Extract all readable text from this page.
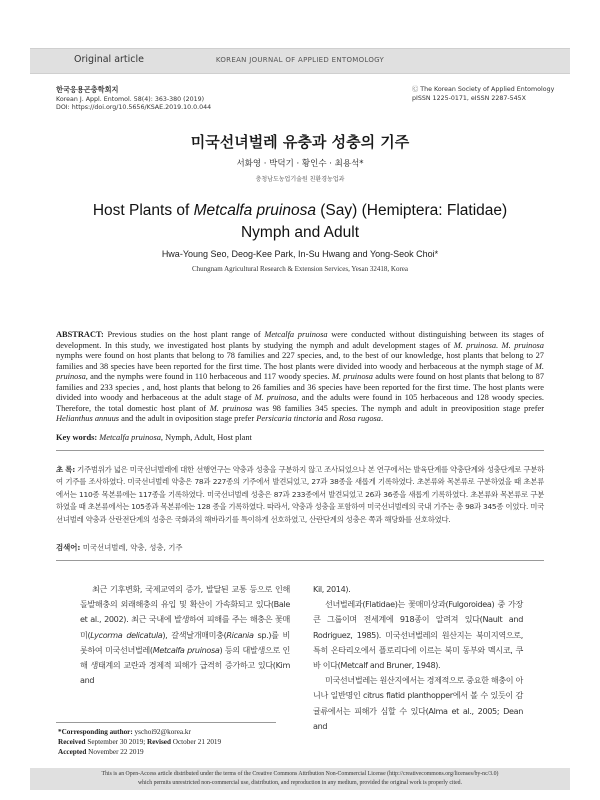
Original article	KOREAN JOURNAL OF APPLIED ENTOMOLOGY
한국응용곤충학회지
Korean J. Appl. Entomol. 58(4): 363-380 (2019)
DOI: https://doi.org/10.5656/KSAE.2019.10.0.044
Ⓒ The Korean Society of Applied Entomology
pISSN 1225-0171, eISSN 2287-545X
미국선녀벌레 유충과 성충의 기주
서화영 · 박덕기 · 황인수 · 최용석*
충청남도농업기술원 친환경농업과
Host Plants of Metcalfa pruinosa (Say) (Hemiptera: Flatidae)
Nymph and Adult
Hwa-Young Seo, Deog-Kee Park, In-Su Hwang and Yong-Seok Choi*
Chungnam Agricultural Research & Extension Services, Yesan 32418, Korea
ABSTRACT: Previous studies on the host plant range of Metcalfa pruinosa were conducted without distinguishing between its stages of development. In this study, we investigated host plants by studying the nymph and adult development stages of M. pruinosa. M. pruinosa nymphs were found on host plants that belong to 78 families and 227 species, and, to the best of our knowledge, host plants that belong to 27 families and 38 species have been reported for the first time. The host plants were divided into woody and herbaceous at the nymph stage of M. pruinosa, and the nymphs were found in 110 herbaceous and 117 woody species. M. pruinosa adults were found on host plants that belong to 87 families and 233 species , and, host plants that belong to 26 families and 36 species have been reported for the first time. The host plants were divided into woody and herbaceous at the adult stage of M. pruinosa, and the adults were found in 105 herbaceous and 128 woody species. Therefore, the total domestic host plant of M. pruinosa was 98 families 345 species. The nymph and adult in preoviposition stage prefer Helianthus annuus and the adult in oviposition stage prefer Persicaria tinctoria and Rosa rugosa.
Key words: Metcalfa pruinosa, Nymph, Adult, Host plant
초 록: 기주범위가 넓은 미국선녀벌레에 대한 선행연구는 약충과 성충을 구분하지 않고 조사되었으나 본 연구에서는 발육단계를 약충단계와 성충단계로 구분하여 기주를 조사하였다. 미국선녀벌레 약충은 78과 227종의 기주에서 발견되었고, 27과 38종을 새롭게 기록하였다. 초본류와 목본류로 구분하였을 때 초본류에서는 110종 목본류에는 117종을 기록하였다. 미국선녀벌레 성충은 87과 233종에서 발견되었고 26과 36종을 새롭게 기록하였다. 초본류와 목본류로 구분하였을 때 초본류에서는 105종과 목본류에는 128 종을 기록하였다. 따라서, 약충과 성충을 포함하여 미국선녀벌레의 국내 기주는 총 98과 345종 이었다. 미국선녀벌레 약충과 산란전단계의 성충은 국화과의 해바라기를 특이하게 선호하였고, 산란단계의 성충은 쪽과 해당화를 선호하였다.
검색어: 미국선녀벌레, 약충, 성충, 기주

최근 기후변화, 국제교역의 증가, 발달된 교통 등으로 인해 돌발해충의 외래해충의 유입 및 확산이 가속화되고 있다(Bale et al., 2002). 최근 국내에 발생하여 피해를 주는 해충은 꽃매미(Lycorma delicatula), 갈색날개매미충(Ricania sp.)를 비롯하여 미국선녀벌레(Metcalfa pruinosa) 등의 대발생으로 인해 생태계의 교란과 경제적 피해가 급격히 증가하고 있다(Kim and

Kil, 2014).

선녀벌레과(Flatidae)는 꽃매미상과(Fulgoroidea) 중 가장 큰 그룹이며 전세계에 918종이 알려져 있다(Nault and Rodriguez, 1985). 미국선녀벌레의 원산지는 북미지역으로, 특히 온타리오에서 플로리다에 이르는 북미 동부와 멕시코, 쿠바 이다(Metcalf and Bruner, 1948).

미국선녀벌레는 원산지에서는 경제적으로 중요한 해충이 아니나 일반명인 citrus flatid planthopper에서 볼 수 있듯이 감귤류에서는 피해가 심할 수 있다(Alma et al., 2005; Dean and

*Corresponding author: yschoi92@korea.kr
Received September 30 2019; Revised October 21 2019
Accepted November 22 2019
This is an Open-Access article distributed under the terms of the Creative Commons Attribution Non-Commercial License (http://creativecommons.org/licenses/by-nc/3.0)
which permits unrestricted non-commercial use, distribution, and reproduction in any medium, provided the original work is properly cited.
